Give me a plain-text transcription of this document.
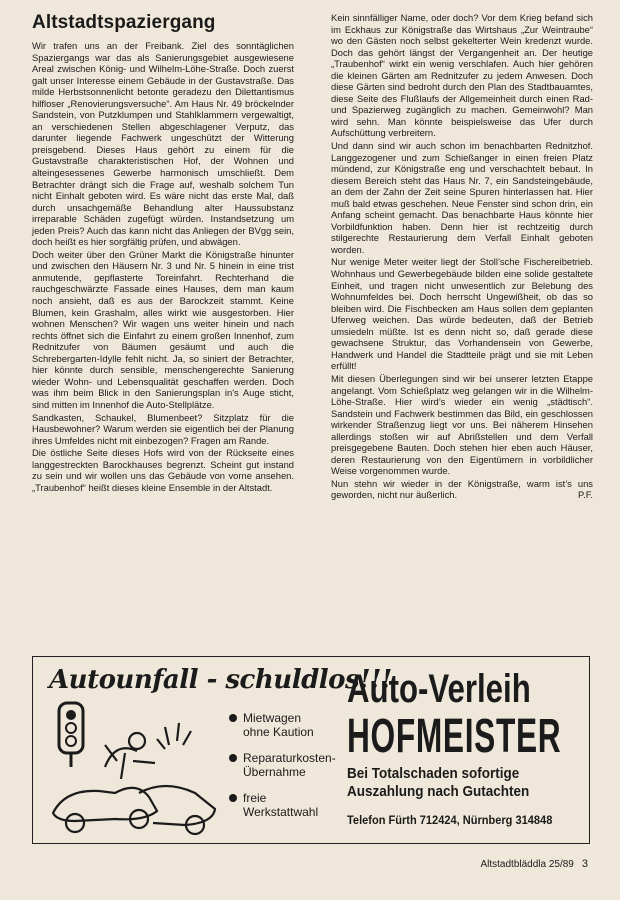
Altstadtspaziergang

Wir trafen uns an der Freibank. Ziel des sonntäglichen Spaziergangs war das als Sanierungsgebiet ausgewiesene Areal zwischen König- und Wilhelm-Löhe-Straße. Doch zuerst galt unser Interesse einem Gebäude in der Gustavstraße. Das milde Herbstsonnenlicht betonte geradezu den Dilettantismus hilfloser „Renovierungsversuche“. Am Haus Nr. 49 bröckelnder Sandstein, von Putzklumpen und Stahlklammern vergewaltigt, an verschiedenen Stellen abgeschlagener Verputz, das darunter liegende Fachwerk ungeschützt der Witterung preisgebend. Dieses Haus gehört zu einem für die Gustavstraße charakteristischen Hof, der Wohnen und alteingesessenes Gewerbe harmonisch umschließt. Dem Betrachter drängt sich die Frage auf, weshalb solchem Tun nicht Einhalt geboten wird. Es wäre nicht das erste Mal, daß durch unsachgemäße Behandlung alter Haussubstanz irreparable Schäden zugefügt würden. Instandsetzung um jeden Preis? Auch das kann nicht das Anliegen der BVgg sein, doch heißt es hier sorgfältig prüfen, und abwägen.

Doch weiter über den Grüner Markt die Königstraße hinunter und zwischen den Häusern Nr. 3 und Nr. 5 hinein in eine trist anmutende, gepflasterte Toreinfahrt. Rechterhand die rauchgeschwärzte Fassade eines Hauses, dem man kaum noch ansieht, daß es aus der Barockzeit stammt. Keine Blumen, kein Grashalm, alles wirkt wie ausgestorben. Hier wohnen Menschen? Wir wagen uns weiter hinein und nach rechts öffnet sich die Einfahrt zu einem großen Innenhof, zum Rednitzufer von Bäumen gesäumt und auch die Schrebergarten-Idylle fehlt nicht. Ja, so siniert der Betrachter, hier könnte durch sensible, menschengerechte Sanierung wieder Wohn- und Lebensqualität geschaffen werden. Doch was ihm beim Blick in den Sanierungsplan in's Auge sticht, sind mitten im Innenhof die Auto-Stellplätze.

Sandkasten, Schaukel, Blumenbeet? Sitzplatz für die Hausbewohner? Warum werden sie eigentlich bei der Planung ihres Umfeldes nicht mit einbezogen? Fragen am Rande.

Die östliche Seite dieses Hofs wird von der Rückseite eines langgestreckten Barockhauses begrenzt. Scheint gut instand zu sein und wir wollen uns das Gebäude von vorne ansehen. „Traubenhof“ heißt dieses kleine Ensemble in der Altstadt.

Kein sinnfälliger Name, oder doch? Vor dem Krieg befand sich im Eckhaus zur Königstraße das Wirtshaus „Zur Weintraube“ wo den Gästen noch selbst gekelterter Wein kredenzt wurde. Doch das gehört längst der Vergangenheit an. Der heutige „Traubenhof“ wirkt ein wenig verschlafen. Auch hier gehören die kleinen Gärten am Rednitzufer zu jedem Anwesen. Doch diese Gärten sind bedroht durch den Plan des Stadtbauamtes, diese Seite des Flußlaufs der Allgemeinheit durch einen Rad- und Spazierweg zugänglich zu machen. Gemeinwohl? Man wird sehn. Man könnte beispielsweise das Ufer durch Aufschüttung verbreitern.

Und dann sind wir auch schon im benachbarten Rednitzhof. Langgezogener und zum Schießanger in einen freien Platz mündend, zur Königstraße eng und verschachtelt bebaut. In diesem Bereich steht das Haus Nr. 7, ein Sandsteingebäude, an dem der Zahn der Zeit seine Spuren hinterlassen hat. Hier muß bald etwas geschehen. Neue Fenster sind schon drin, ein Anfang scheint gemacht. Das benachbarte Haus könnte hier Vorbildfunktion haben. Denn hier ist rechtzeitig durch stilgerechte Restaurierung dem Verfall Einhalt geboten worden.

Nur wenige Meter weiter liegt der Stoll’sche Fischereibetrieb. Wohnhaus und Gewerbegebäude bilden eine solide gestaltete Einheit, und tragen nicht unwesentlich zur Belebung des Wohnumfeldes bei. Doch herrscht Ungewißheit, ob das so bleiben wird. Die Fischbecken am Haus sollen dem geplanten Uferweg weichen. Das würde bedeuten, daß der Betrieb umsiedeln müßte. Ist es denn nicht so, daß gerade diese gewachsene Struktur, das Vorhandensein von Gewerbe, Handwerk und Handel die Stadtteile prägt und sie mit Leben erfüllt!

Mit diesen Überlegungen sind wir bei unserer letzten Etappe angelangt. Vom Schießplatz weg gelangen wir in die Wilhelm-Löhe-Straße. Hier wird’s wieder ein wenig „städtisch“. Sandstein und Fachwerk bestimmen das Bild, ein geschlossen wirkender Straßenzug liegt vor uns. Bei näherem Hinsehen allerdings stoßen wir auf Abrißstellen und dem Verfall preisgegebene Bauten. Doch stehen hier eben auch Häuser, deren Restaurierung von den Eigentümern in vorbildlicher Weise vorgenommen wurde.

Nun stehn wir wieder in der Königstraße, warm ist’s uns geworden, nicht nur äußerlich.	P.F.

Autounfall - schuldlos!!!
Mietwagen
ohne Kaution
Reparaturkosten-
Übernahme
freie
Werkstattwahl
Auto-Verleih
HOFMEISTER
Bei Totalschaden sofortige
Auszahlung nach Gutachten
Telefon Fürth 712424, Nürnberg 314848
Altstadtbläddla 25/89 3
